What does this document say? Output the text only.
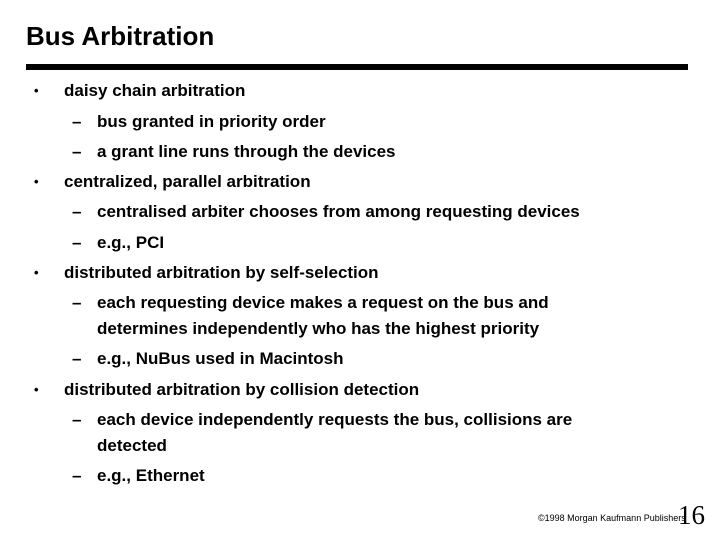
Bus Arbitration
• daisy chain arbitration
– bus granted in priority order
– a grant line runs through the devices
• centralized, parallel arbitration
– centralised arbiter chooses from among requesting devices
– e.g., PCI
• distributed arbitration by self-selection
– each requesting device makes a request on the bus and
determines independently who has the highest priority
– e.g., NuBus used in Macintosh
• distributed arbitration by collision detection
– each device independently requests the bus, collisions are
detected
– e.g., Ethernet
©1998 Morgan Kaufmann Publishers
16
